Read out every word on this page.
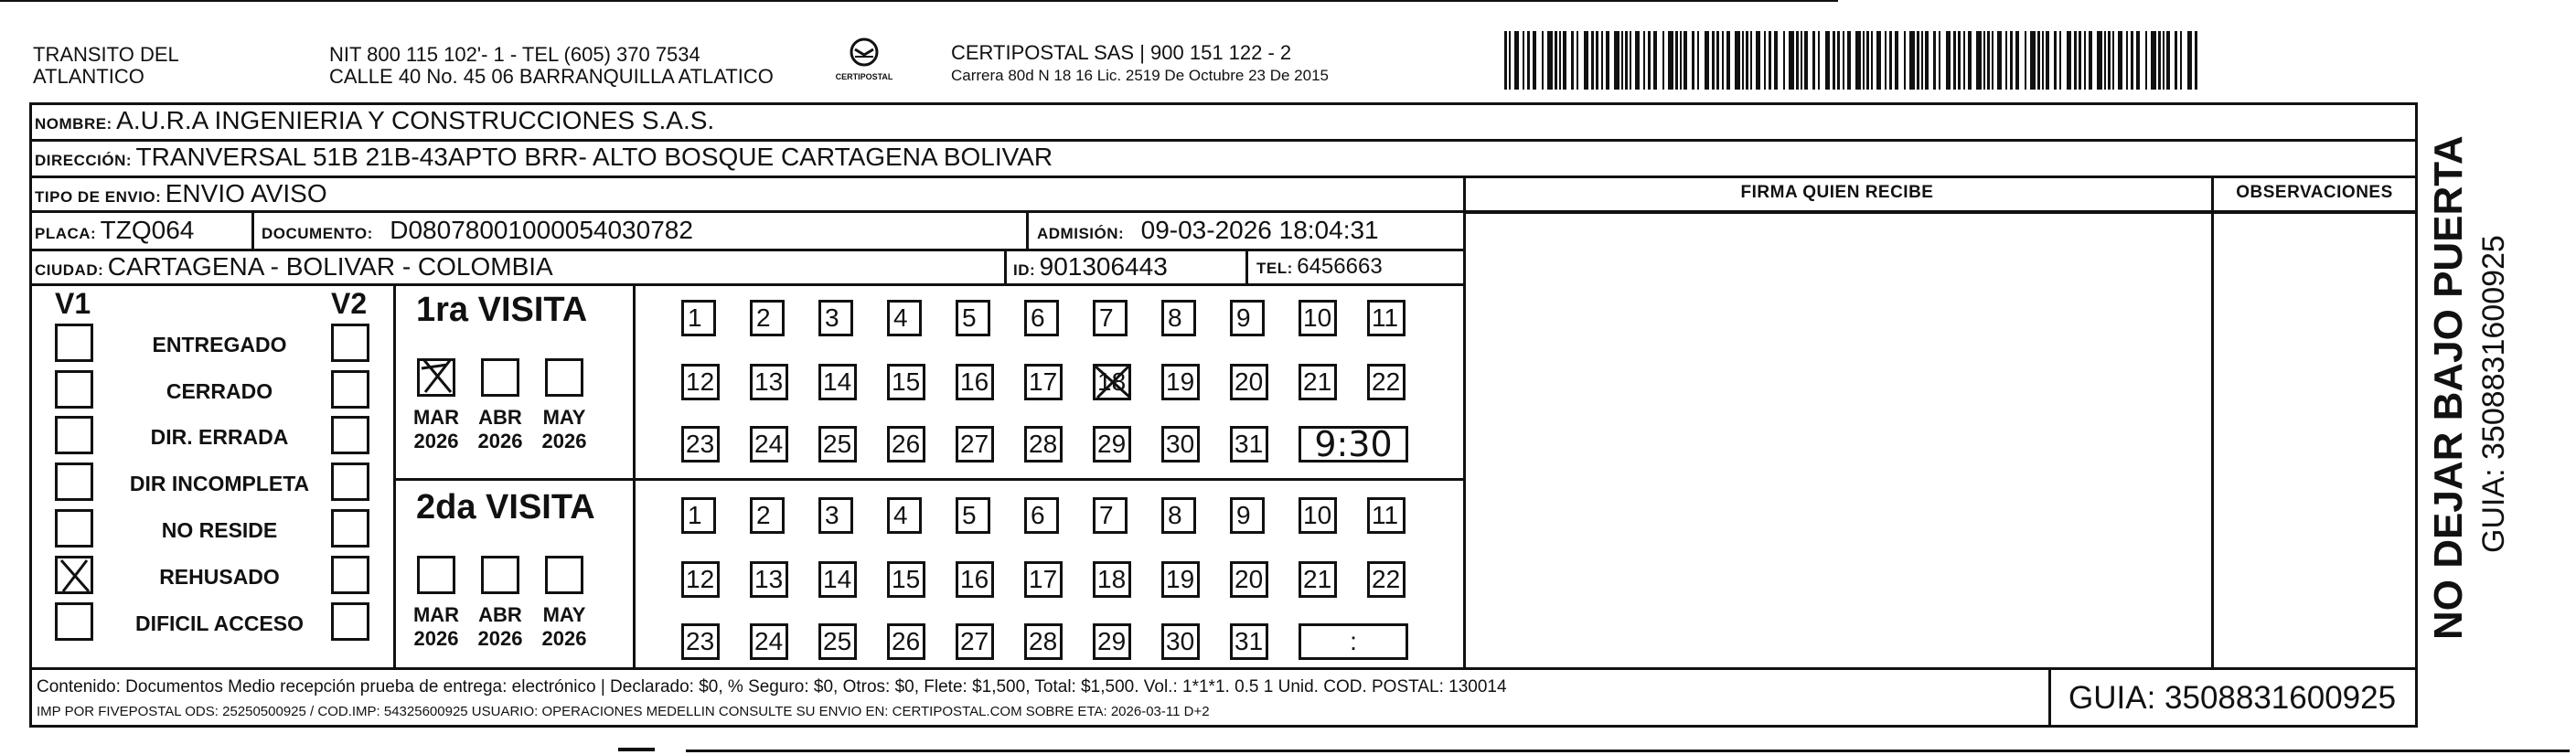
TRANSITO DEL
ATLANTICO
NIT 800 115 102'- 1 - TEL (605) 370 7534
CALLE 40 No. 45 06 BARRANQUILLA ATLATICO	CERTIPOSTAL
CERTIPOSTAL SAS | 900 151 122 - 2
Carrera 80d N 18 16 Lic. 2519 De Octubre 23 De 2015
NOMBRE: A.U.R.A INGENIERIA Y CONSTRUCCIONES S.A.S.
DIRECCIÓN: TRANVERSAL 51B 21B-43APTO BRR- ALTO BOSQUE CARTAGENA BOLIVAR
TIPO DE ENVIO: ENVIO AVISO	FIRMA QUIEN RECIBE	OBSERVACIONES
PLACA: TZQ064	DOCUMENTO: D08078001000054030782	ADMISIÓN: 09-03-2026 18:04:31
CIUDAD: CARTAGENA - BOLIVAR - COLOMBIA	ID: 901306443	TEL: 6456663
V1	V2
ENTREGADO
CERRADO
DIR. ERRADA
DIR INCOMPLETA
NO RESIDE
REHUSADO
DIFICIL ACCESO
1ra VISITA
2da VISITA
MAR
2026
ABR
2026
MAY
2026
1	2	3	4	5	6	7	8	9	10 11
12 13 14 15 16 17 18 19 20 21 22
23 24 25 26 27 28 29 30 31	9:30
MAR
2026
ABR
2026
MAY
2026
1	2	3	4	5	6	7	8	9	10 11
12 13 14 15 16 17 18 19 20 21 22
23 24 25 26 27 28 29 30 31	:
NO DEJAR BAJO PUERTA GUIA: 3508831600925
Contenido: Documentos Medio recepción prueba de entrega: electrónico | Declarado: $0, % Seguro: $0, Otros: $0, Flete: $1,500, Total: $1,500. Vol.: 1*1*1. 0.5 1 Unid. COD. POSTAL: 130014
IMP POR FIVEPOSTAL ODS: 25250500925 / COD.IMP: 54325600925 USUARIO: OPERACIONES MEDELLIN CONSULTE SU ENVIO EN: CERTIPOSTAL.COM SOBRE ETA: 2026-03-11 D+2	GUIA: 3508831600925
